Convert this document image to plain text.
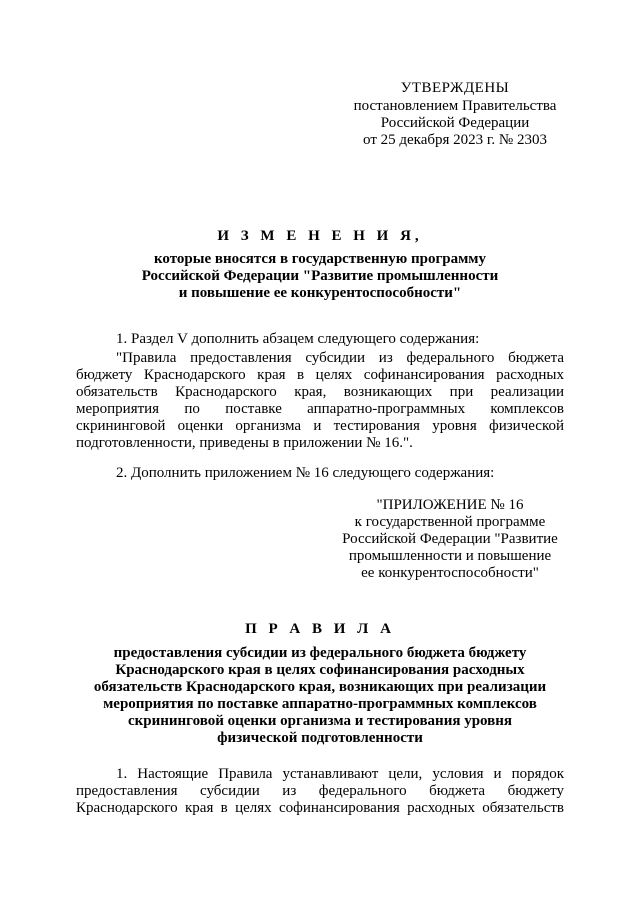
УТВЕРЖДЕНЫ
постановлением Правительства
Российской Федерации
от 25 декабря 2023 г. № 2303
И З М Е Н Е Н И Я,
которые вносятся в государственную программу
Российской Федерации "Развитие промышленности
и повышение ее конкурентоспособности"
1. Раздел V дополнить абзацем следующего содержания:
"Правила предоставления субсидии из федерального бюджета
бюджету Краснодарского края в целях софинансирования расходных
обязательств Краснодарского края, возникающих при реализации
мероприятия по поставке аппаратно-программных комплексов
скрининговой оценки организма и тестирования уровня физической
подготовленности, приведены в приложении № 16.".
2. Дополнить приложением № 16 следующего содержания:
"ПРИЛОЖЕНИЕ № 16
к государственной программе
Российской Федерации "Развитие
промышленности и повышение
ее конкурентоспособности"
П Р А В И Л А
предоставления субсидии из федерального бюджета бюджету
Краснодарского края в целях софинансирования расходных
обязательств Краснодарского края, возникающих при реализации
мероприятия по поставке аппаратно-программных комплексов
скрининговой оценки организма и тестирования уровня
физической подготовленности
1. Настоящие Правила устанавливают цели, условия и порядок
предоставления субсидии из федерального бюджета бюджету
Краснодарского края в целях софинансирования расходных обязательств
